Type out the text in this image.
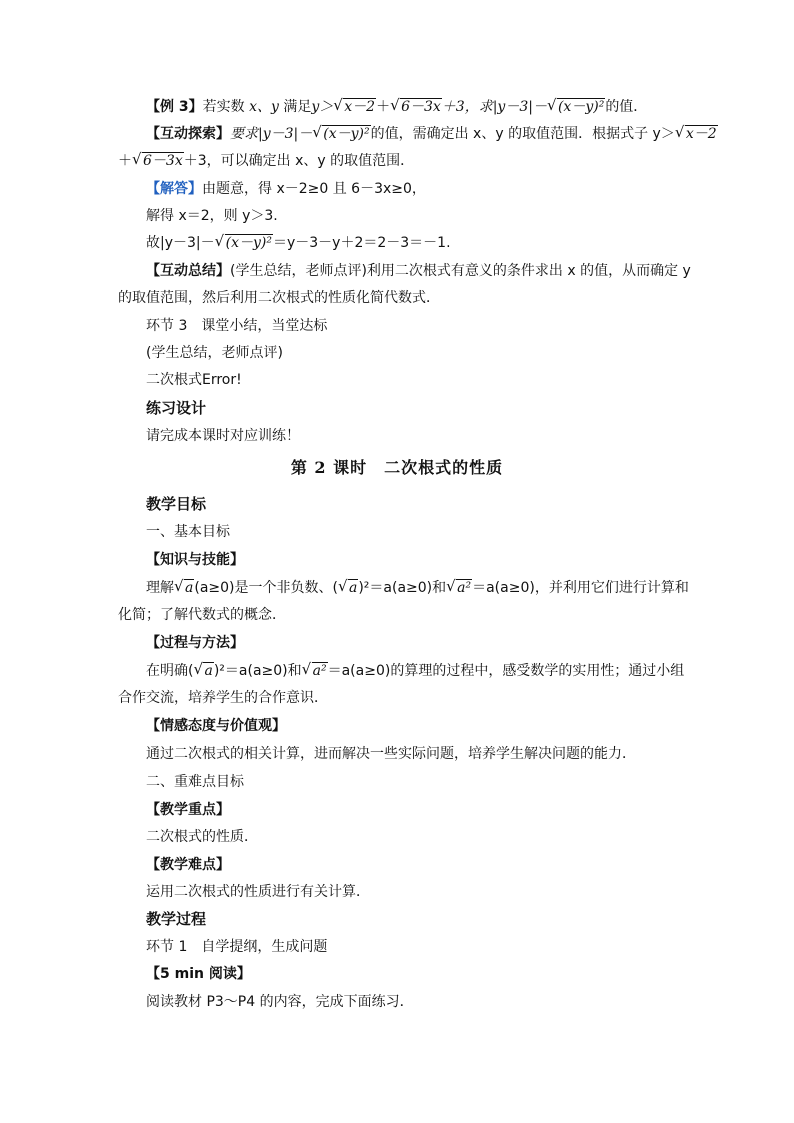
【例 3】若实数 x、y 满足y＞ √ x－2＋ √ 6－3x＋3，求|y－3|－ √ (x－y)²的值．
【互动探索】要求|y－3|－ √ (x－y)²的值，需确定出 x、y 的取值范围．根据式子 y＞ √ x－2
＋ √ 6－3x＋3，可以确定出 x、y 的取值范围．
【解答】由题意，得 x－2≥0 且 6－3x≥0，
解得 x＝2，则 y＞3.
故|y－3|－ √ (x－y)²＝y－3－y＋2＝2－3＝－1.
【互动总结】(学生总结，老师点评)利用二次根式有意义的条件求出 x 的值，从而确定 y
的取值范围，然后利用二次根式的性质化简代数式．
环节 3　课堂小结，当堂达标
(学生总结，老师点评)
二次根式Error!
练习设计
请完成本课时对应训练！
第 2 课时　二次根式的性质
教学目标
一、基本目标
【知识与技能】
理解 √ a(a≥0)是一个非负数、( √ a)²＝a(a≥0)和 √ a²＝a(a≥0)，并利用它们进行计算和
化简；了解代数式的概念．
【过程与方法】
在明确( √ a)²＝a(a≥0)和 √ a²＝a(a≥0)的算理的过程中，感受数学的实用性；通过小组
合作交流，培养学生的合作意识．
【情感态度与价值观】
通过二次根式的相关计算，进而解决一些实际问题，培养学生解决问题的能力．
二、重难点目标
【教学重点】
二次根式的性质．
【教学难点】
运用二次根式的性质进行有关计算．
教学过程
环节 1　自学提纲，生成问题
【5 min 阅读】
阅读教材 P3～P4 的内容，完成下面练习．
